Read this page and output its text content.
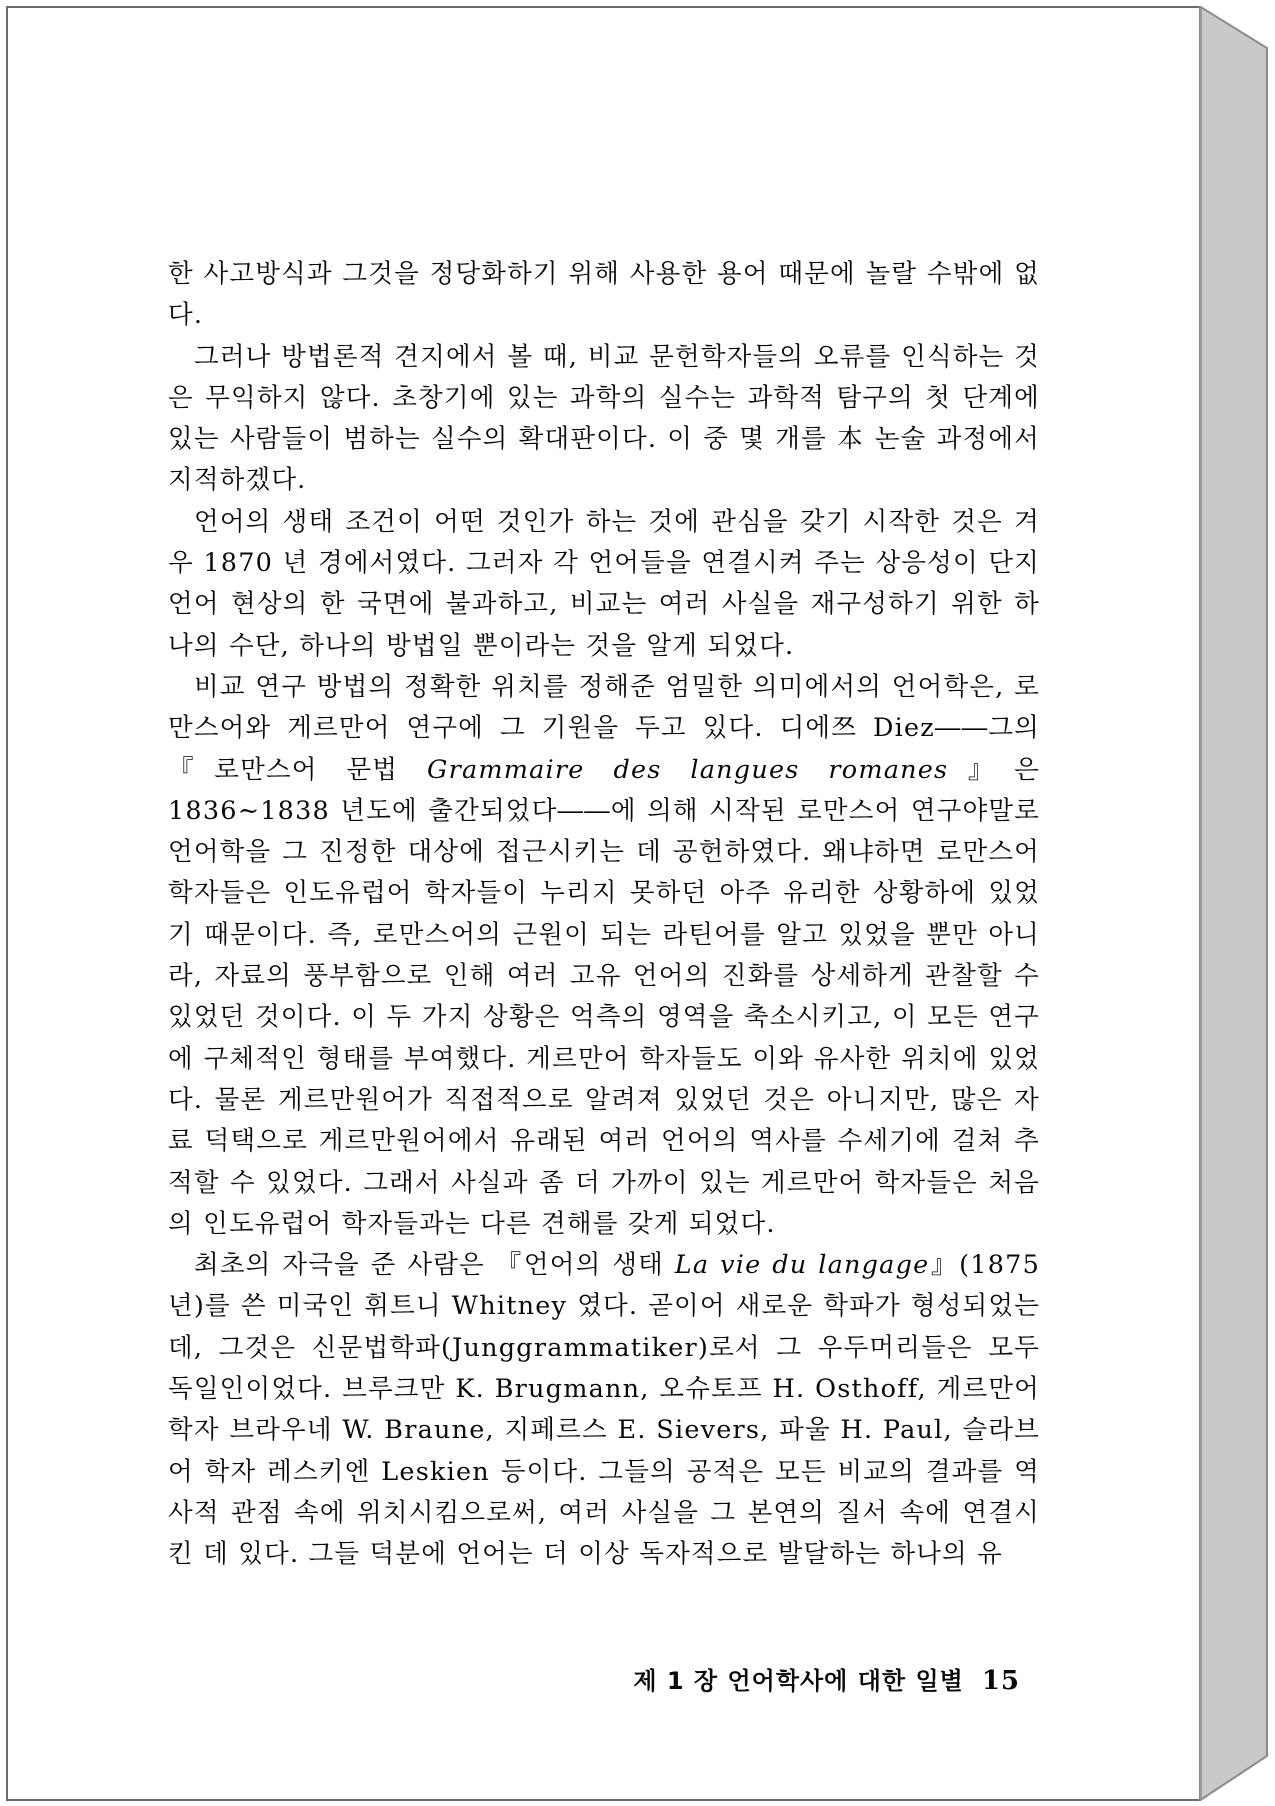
한 사고방식과 그것을 정당화하기 위해 사용한 용어 때문에 놀랄 수밖에 없다.

그러나 방법론적 견지에서 볼 때, 비교 문헌학자들의 오류를 인식하는 것은 무익하지 않다. 초창기에 있는 과학의 실수는 과학적 탐구의 첫 단계에 있는 사람들이 범하는 실수의 확대판이다. 이 중 몇 개를 本 논술 과정에서 지적하겠다.

언어의 생태 조건이 어떤 것인가 하는 것에 관심을 갖기 시작한 것은 겨우 1870 년 경에서였다. 그러자 각 언어들을 연결시켜 주는 상응성이 단지 언어 현상의 한 국면에 불과하고, 비교는 여러 사실을 재구성하기 위한 하나의 수단, 하나의 방법일 뿐이라는 것을 알게 되었다.

비교 연구 방법의 정확한 위치를 정해준 엄밀한 의미에서의 언어학은, 로만스어와 게르만어 연구에 그 기원을 두고 있다. 디에쯔 Diez――그의 『로만스어 문법 Grammaire des langues romanes』은 1836∼1838 년도에 출간되었다――에 의해 시작된 로만스어 연구야말로 언어학을 그 진정한 대상에 접근시키는 데 공헌하였다. 왜냐하면 로만스어 학자들은 인도유럽어 학자들이 누리지 못하던 아주 유리한 상황하에 있었기 때문이다. 즉, 로만스어의 근원이 되는 라틴어를 알고 있었을 뿐만 아니라, 자료의 풍부함으로 인해 여러 고유 언어의 진화를 상세하게 관찰할 수 있었던 것이다. 이 두 가지 상황은 억측의 영역을 축소시키고, 이 모든 연구에 구체적인 형태를 부여했다. 게르만어 학자들도 이와 유사한 위치에 있었다. 물론 게르만원어가 직접적으로 알려져 있었던 것은 아니지만, 많은 자료 덕택으로 게르만원어에서 유래된 여러 언어의 역사를 수세기에 걸쳐 추적할 수 있었다. 그래서 사실과 좀 더 가까이 있는 게르만어 학자들은 처음의 인도유럽어 학자들과는 다른 견해를 갖게 되었다.

최초의 자극을 준 사람은 『언어의 생태 La vie du langage』(1875 년)를 쓴 미국인 휘트니 Whitney 였다. 곧이어 새로운 학파가 형성되었는데, 그것은 신문법학파(Junggrammatiker)로서 그 우두머리들은 모두 독일인이었다. 브루크만 K. Brugmann, 오슈토프 H. Osthoff, 게르만어 학자 브라우네 W. Braune, 지페르스 E. Sievers, 파울 H. Paul, 슬라브어 학자 레스키엔 Leskien 등이다. 그들의 공적은 모든 비교의 결과를 역사적 관점 속에 위치시킴으로써, 여러 사실을 그 본연의 질서 속에 연결시킨 데 있다. 그들 덕분에 언어는 더 이상 독자적으로 발달하는 하나의 유

제 1 장 언어학사에 대한 일별 15
